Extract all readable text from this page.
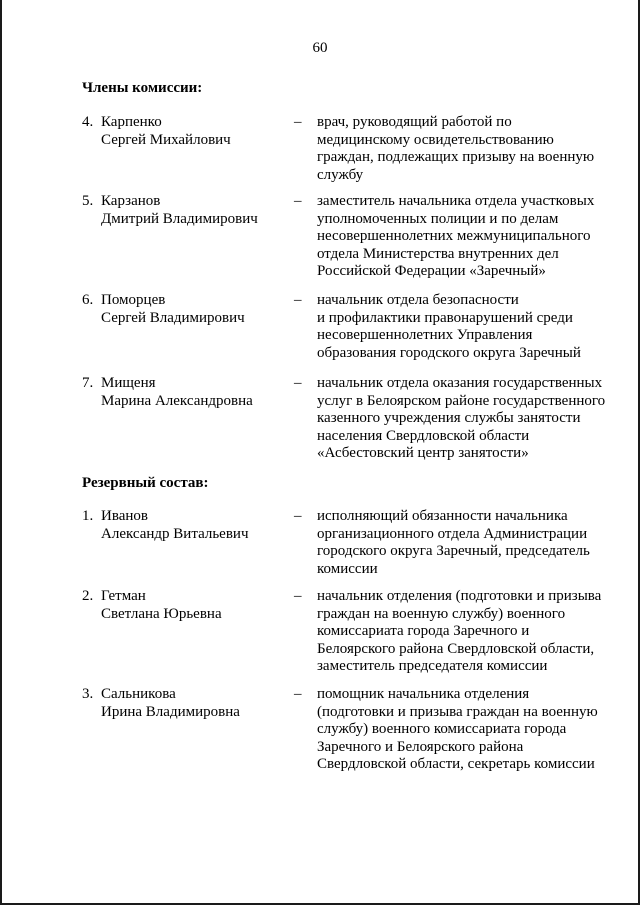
60
Члены комиссии:
4. Карпенко
Сергей Михайлович
– врач, руководящий работой по
медицинскому освидетельствованию
граждан, подлежащих призыву на военную
службу
5. Карзанов
Дмитрий Владимирович
– заместитель начальника отдела участковых
уполномоченных полиции и по делам
несовершеннолетних межмуниципального
отдела Министерства внутренних дел
Российской Федерации «Заречный»
6. Поморцев
Сергей Владимирович
– начальник отдела безопасности
и профилактики правонарушений среди
несовершеннолетних Управления
образования городского округа Заречный
7. Мищеня
Марина Александровна
– начальник отдела оказания государственных
услуг в Белоярском районе государственного
казенного учреждения службы занятости
населения Свердловской области
«Асбестовский центр занятости»
Резервный состав:
1. Иванов
Александр Витальевич
– исполняющий обязанности начальника
организационного отдела Администрации
городского округа Заречный, председатель
комиссии
2. Гетман
Светлана Юрьевна
– начальник отделения (подготовки и призыва
граждан на военную службу) военного
комиссариата города Заречного и
Белоярского района Свердловской области,
заместитель председателя комиссии
3. Сальникова
Ирина Владимировна
– помощник начальника отделения
(подготовки и призыва граждан на военную
службу) военного комиссариата города
Заречного и Белоярского района
Свердловской области, секретарь комиссии
